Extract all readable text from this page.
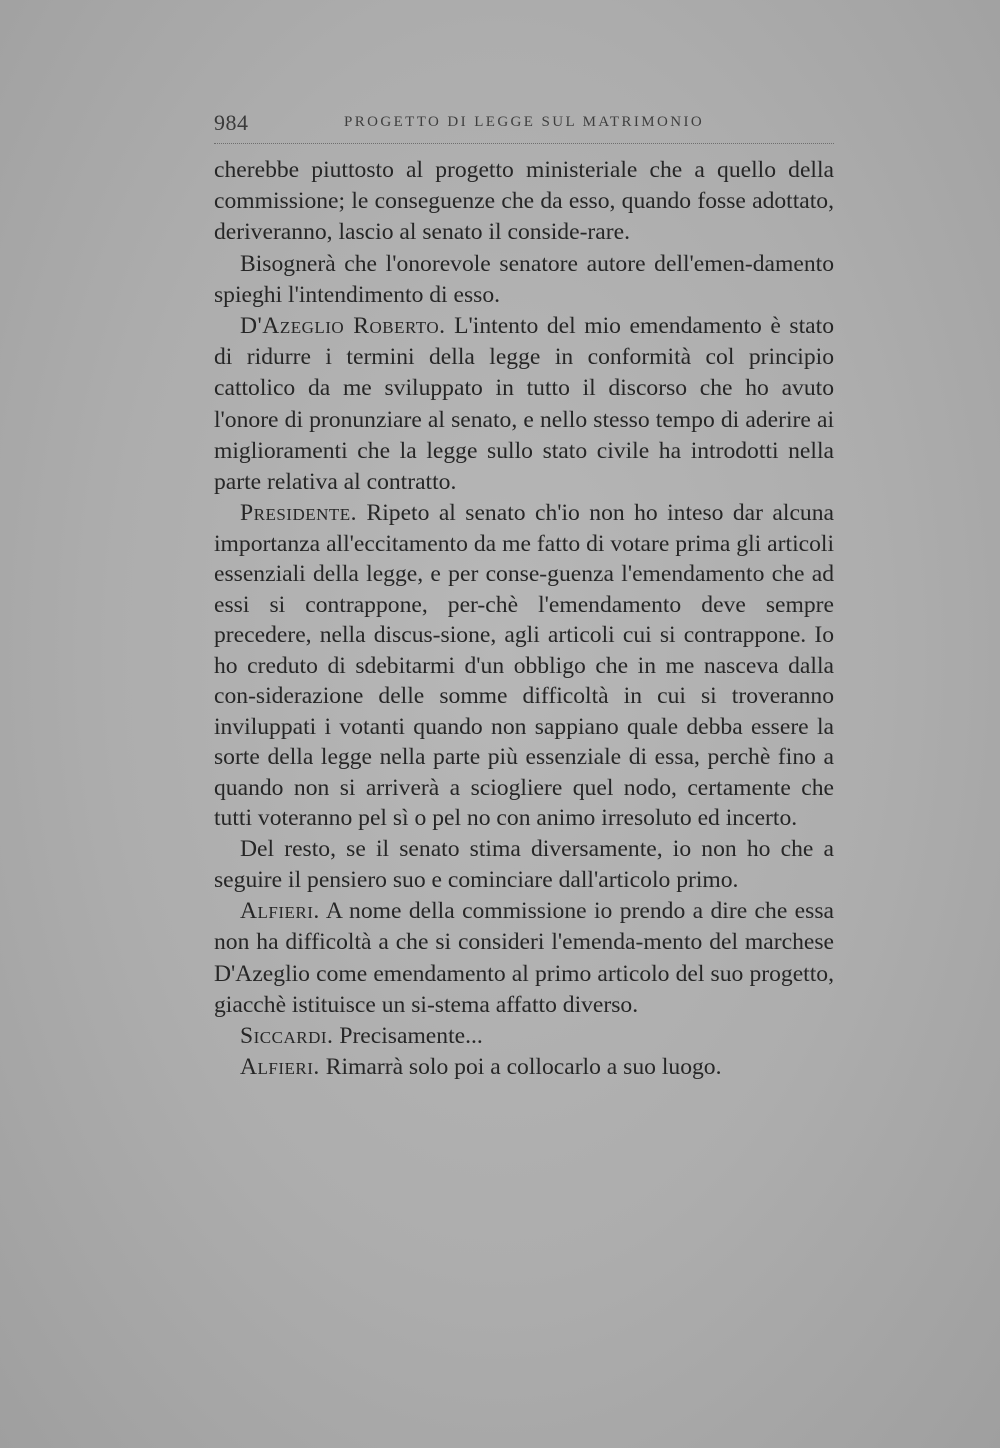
984	PROGETTO DI LEGGE SUL MATRIMONIO

cherebbe piuttosto al progetto ministeriale che a quello della commissione; le conseguenze che da esso, quando fosse adottato, deriveranno, lascio al senato il conside-rare.

Bisognerà che l'onorevole senatore autore dell'emen-damento spieghi l'intendimento di esso.

D'Azeglio Roberto. L'intento del mio emendamento è stato di ridurre i termini della legge in conformità col principio cattolico da me sviluppato in tutto il discorso che ho avuto l'onore di pronunziare al senato, e nello stesso tempo di aderire ai miglioramenti che la legge sullo stato civile ha introdotti nella parte relativa al contratto.

Presidente. Ripeto al senato ch'io non ho inteso dar alcuna importanza all'eccitamento da me fatto di votare prima gli articoli essenziali della legge, e per conse-guenza l'emendamento che ad essi si contrappone, per-chè l'emendamento deve sempre precedere, nella discus-sione, agli articoli cui si contrappone. Io ho creduto di sdebitarmi d'un obbligo che in me nasceva dalla con-siderazione delle somme difficoltà in cui si troveranno inviluppati i votanti quando non sappiano quale debba essere la sorte della legge nella parte più essenziale di essa, perchè fino a quando non si arriverà a sciogliere quel nodo, certamente che tutti voteranno pel sì o pel no con animo irresoluto ed incerto.

Del resto, se il senato stima diversamente, io non ho che a seguire il pensiero suo e cominciare dall'articolo primo.

Alfieri. A nome della commissione io prendo a dire che essa non ha difficoltà a che si consideri l'emenda-mento del marchese D'Azeglio come emendamento al primo articolo del suo progetto, giacchè istituisce un si-stema affatto diverso.

Siccardi. Precisamente...

Alfieri. Rimarrà solo poi a collocarlo a suo luogo.
